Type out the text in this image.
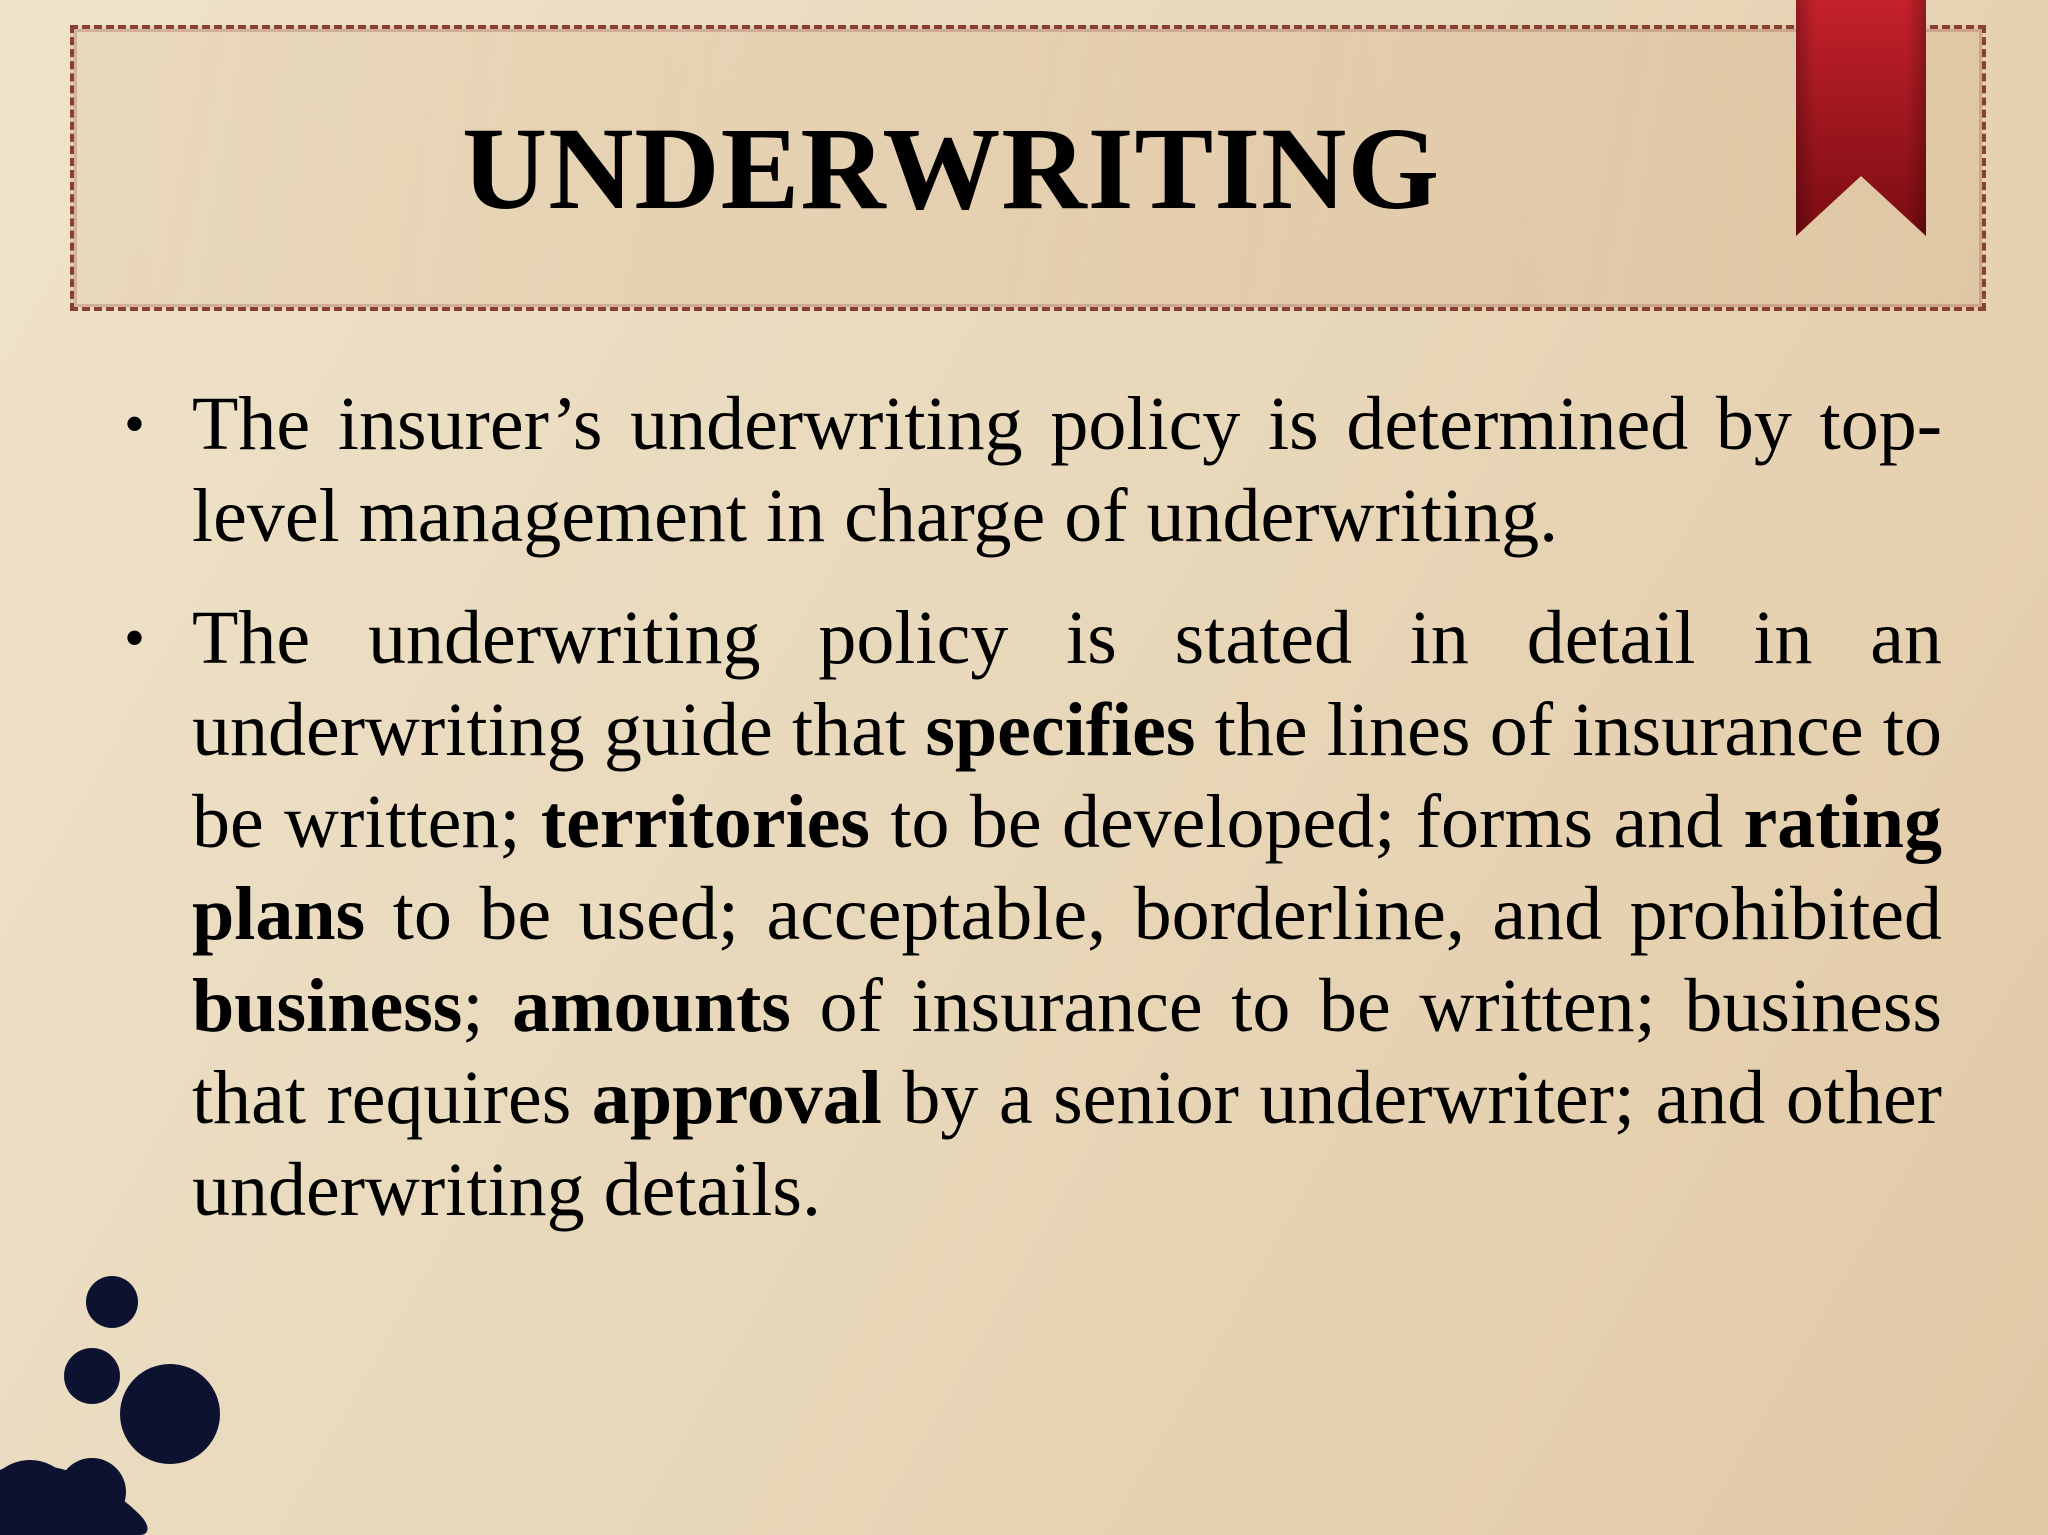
UNDERWRITING
• The insurer’s underwriting policy is determined by top-level management in charge of underwriting.
• The underwriting policy is stated in detail in an underwriting guide that specifies the lines of insurance to be written; territories to be developed; forms and rating plans to be used; acceptable, borderline, and prohibited business; amounts of insurance to be written; business that requires approval by a senior underwriter; and other underwriting details.
